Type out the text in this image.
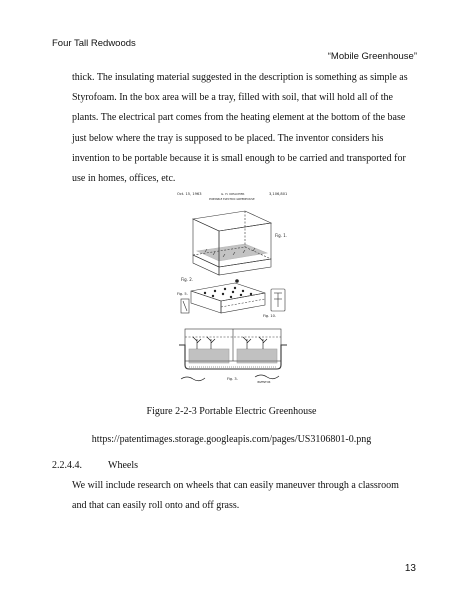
Four Tall Redwoods
“Mobile Greenhouse”
thick. The insulating material suggested in the description is something as simple as
Styrofoam. In the box area will be a tray, filled with soil, that will hold all of the
plants. The electrical part comes from the heating element at the bottom of the base
just below where the tray is supposed to be placed. The inventor considers his
invention to be portable because it is small enough to be carried and transported for
use in homes, offices, etc.
Oct. 15, 1963	G. H. KIEACHER	3,106,801
PORTABLE ELECTRIC GREENHOUSE
Fig. 1.
Fig. 2.
Fig. 5.
Fig. 10.
Fig. 3.
INVENTOR
Figure 2-2-3 Portable Electric Greenhouse
https://patentimages.storage.googleapis.com/pages/US3106801-0.png
2.2.4.4.	Wheels
We will include research on wheels that can easily maneuver through a classroom
and that can easily roll onto and off grass.
13
